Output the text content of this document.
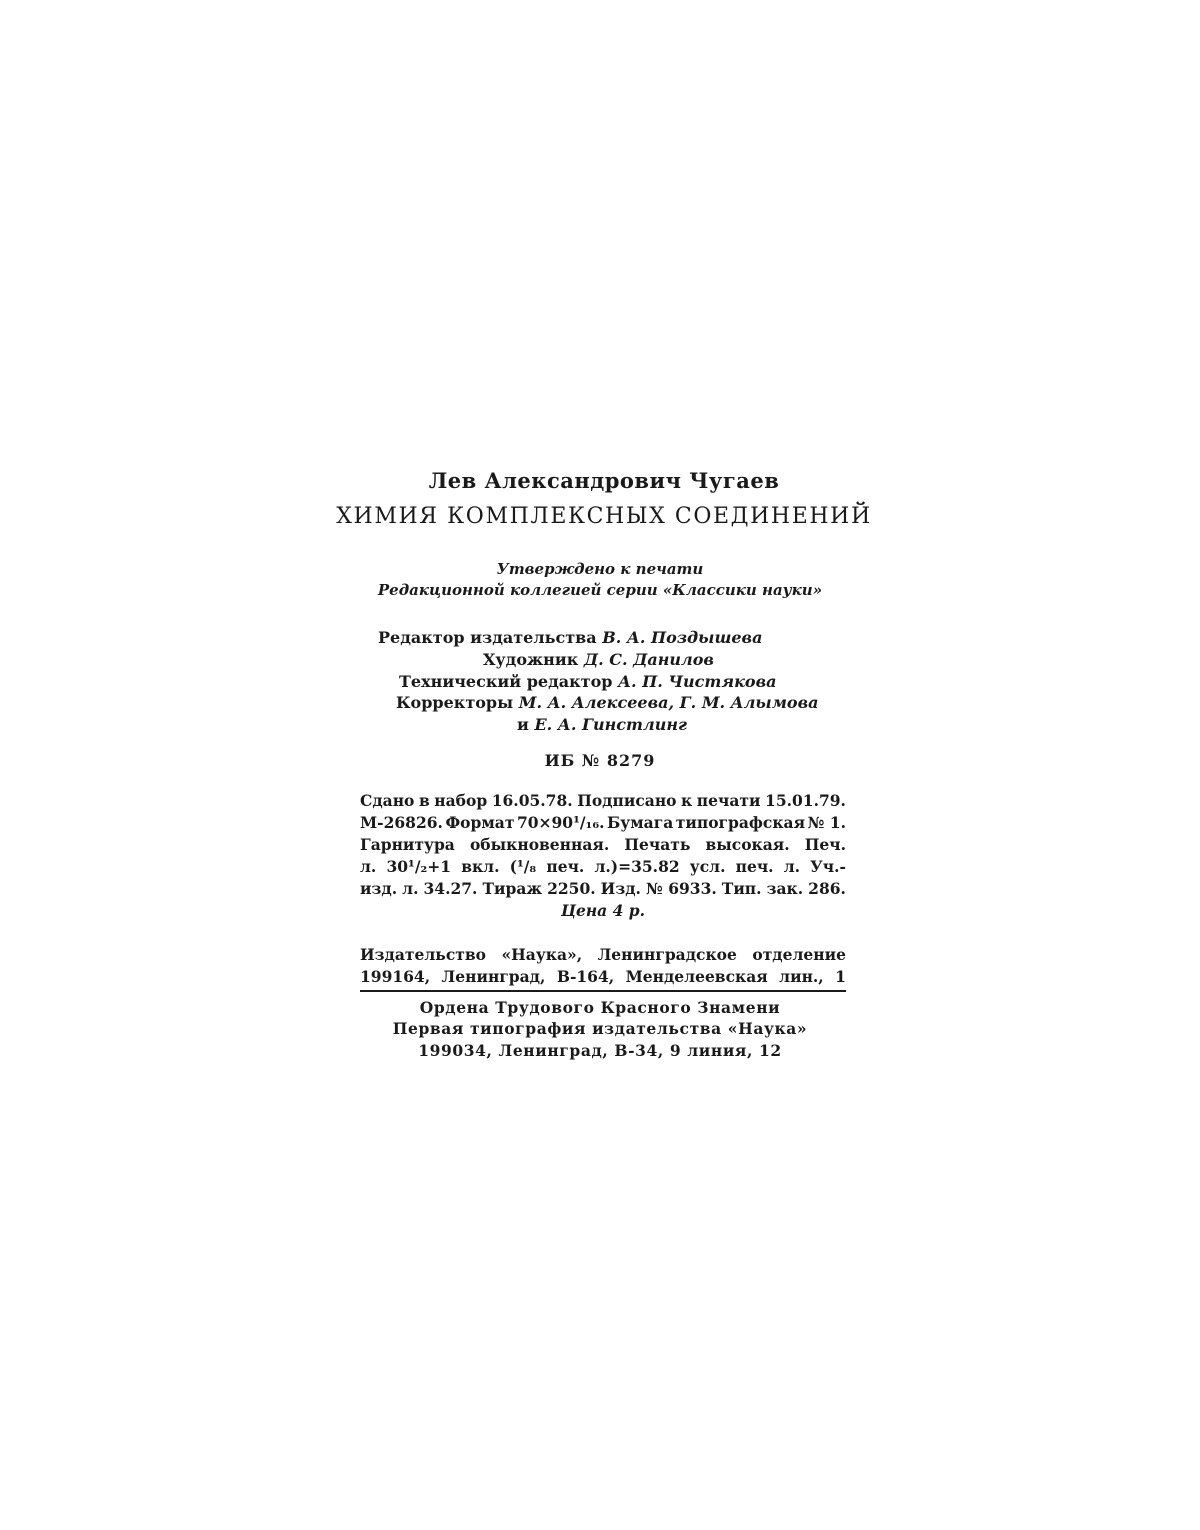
Лев Александрович Чугаев
ХИМИЯ КОМПЛЕКСНЫХ СОЕДИНЕНИЙ
Утверждено к печати
Редакционной коллегией серии «Классики науки»
Редактор издательства В. А. Поздышева
Художник Д. С. Данилов
Технический редактор А. П. Чистякова
Корректоры М. А. Алексеева, Г. М. Алымова
и Е. А. Гинстлинг
ИБ № 8279
Сдано в набор 16.05.78. Подписано к печати 15.01.79.
М-26826. Формат 70×90¹/₁₆. Бумага типографская № 1.
Гарнитура обыкновенная. Печать высокая. Печ.
л. 30¹/₂+1 вкл. (¹/₈ печ. л.)=35.82 усл. печ. л. Уч.-
изд. л. 34.27. Тираж 2250. Изд. № 6933. Тип. зак. 286.
Цена 4 р.
Издательство «Наука», Ленинградское отделение
199164, Ленинград, В-164, Менделеевская лин., 1
Ордена Трудового Красного Знамени
Первая типография издательства «Наука»
199034, Ленинград, В-34, 9 линия, 12
